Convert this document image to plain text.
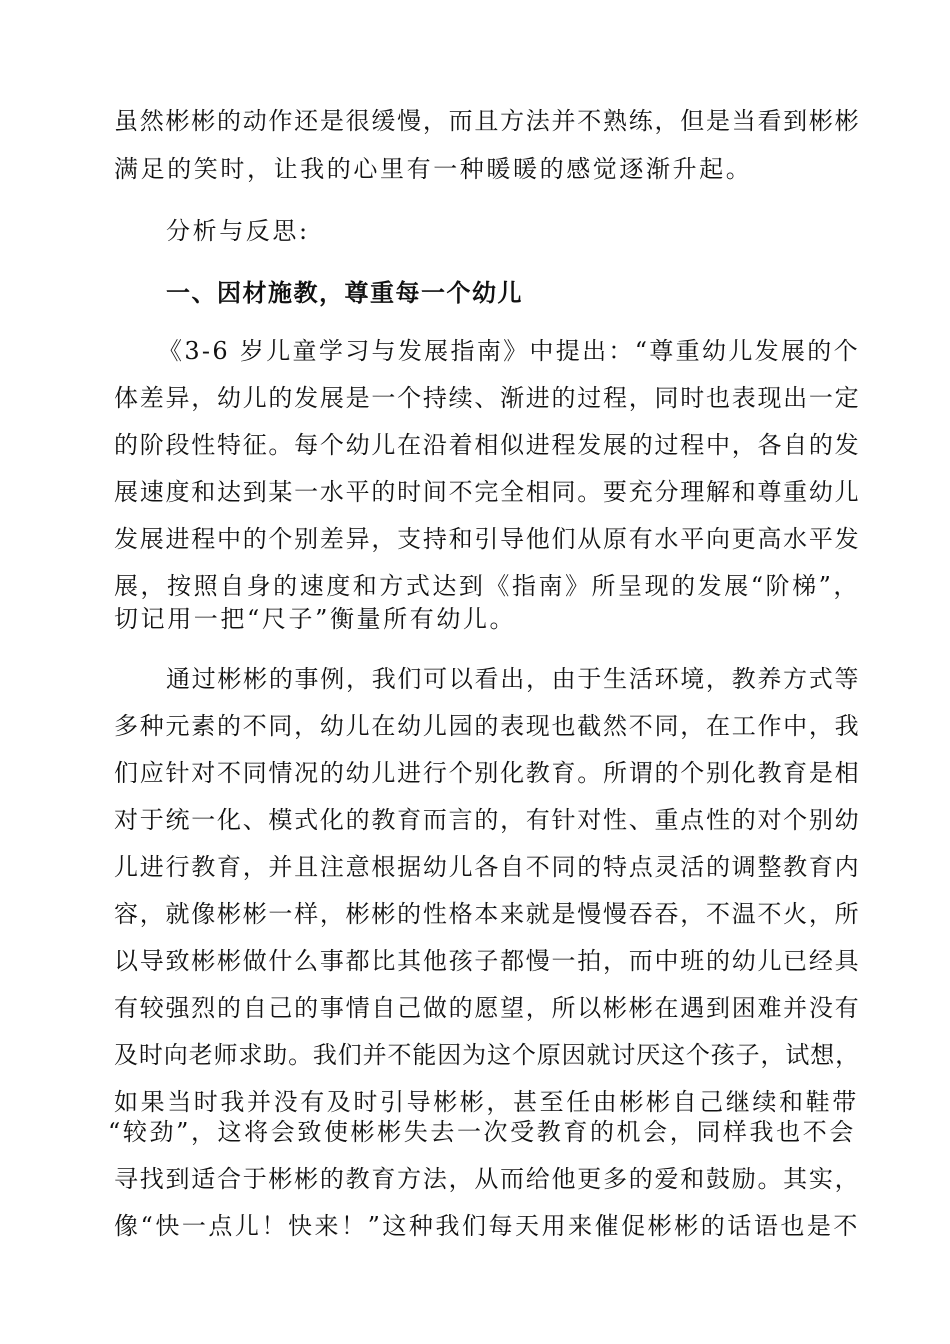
虽然彬彬的动作还是很缓慢，而且方法并不熟练，但是当看到彬彬
满足的笑时，让我的心里有一种暖暖的感觉逐渐升起。
分析与反思:
一、因材施教，尊重每一个幼儿
《3-6 岁儿童学习与发展指南》中提出：“尊重幼儿发展的个
体差异，幼儿的发展是一个持续、渐进的过程，同时也表现出一定
的阶段性特征。每个幼儿在沿着相似进程发展的过程中，各自的发
展速度和达到某一水平的时间不完全相同。要充分理解和尊重幼儿
发展进程中的个别差异，支持和引导他们从原有水平向更高水平发
展，按照自身的速度和方式达到《指南》所呈现的发展“阶梯”，
切记用一把“尺子”衡量所有幼儿。
通过彬彬的事例，我们可以看出，由于生活环境，教养方式等
多种元素的不同，幼儿在幼儿园的表现也截然不同，在工作中，我
们应针对不同情况的幼儿进行个别化教育。所谓的个别化教育是相
对于统一化、模式化的教育而言的，有针对性、重点性的对个别幼
儿进行教育，并且注意根据幼儿各自不同的特点灵活的调整教育内
容，就像彬彬一样，彬彬的性格本来就是慢慢吞吞，不温不火，所
以导致彬彬做什么事都比其他孩子都慢一拍，而中班的幼儿已经具
有较强烈的自己的事情自己做的愿望，所以彬彬在遇到困难并没有
及时向老师求助。我们并不能因为这个原因就讨厌这个孩子，试想，
如果当时我并没有及时引导彬彬，甚至任由彬彬自己继续和鞋带
“较劲”，这将会致使彬彬失去一次受教育的机会，同样我也不会
寻找到适合于彬彬的教育方法，从而给他更多的爱和鼓励。其实，
像“快一点儿！快来！”这种我们每天用来催促彬彬的话语也是不
